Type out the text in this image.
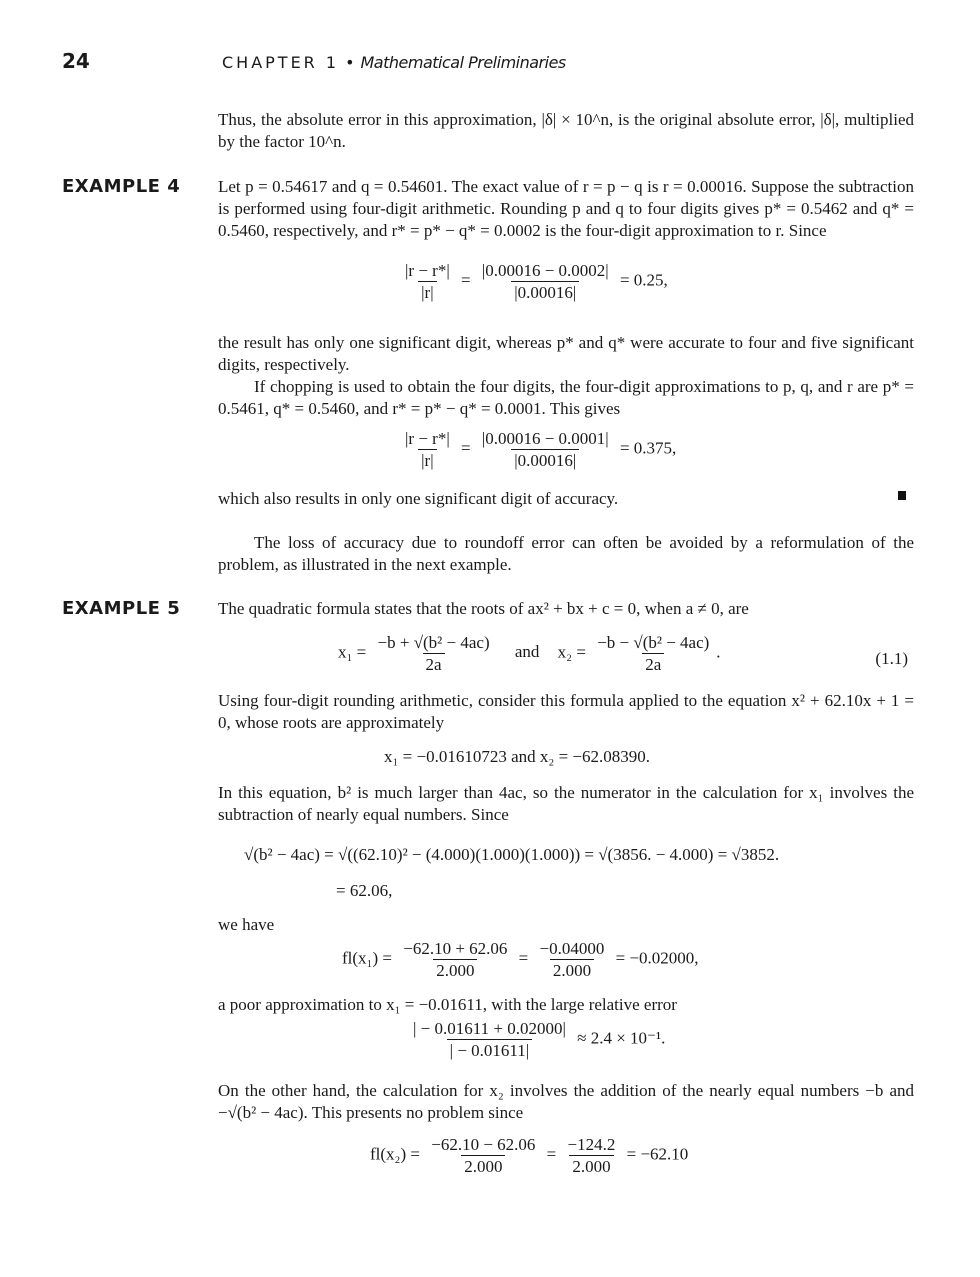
24	CHAPTER 1 • Mathematical Preliminaries
Thus, the absolute error in this approximation, |δ| × 10^n, is the original absolute error, |δ|, multiplied by the factor 10^n.
EXAMPLE 4 Let p = 0.54617 and q = 0.54601. The exact value of r = p − q is r = 0.00016. Suppose the subtraction is performed using four-digit arithmetic. Rounding p and q to four digits gives p* = 0.5462 and q* = 0.5460, respectively, and r* = p* − q* = 0.0002 is the four-digit approximation to r. Since
$\frac{|r - r*|}{|r|} = \frac{|0.00016 - 0.0002|}{|0.00016|} = 0.25$,
the result has only one significant digit, whereas p* and q* were accurate to four and five significant digits, respectively.
If chopping is used to obtain the four digits, the four-digit approximations to p, q, and r are p* = 0.5461, q* = 0.5460, and r* = p* − q* = 0.0001. This gives
$\frac{|r - r*|}{|r|} = \frac{|0.00016 - 0.0001|}{|0.00016|} = 0.375$,
which also results in only one significant digit of accuracy.
The loss of accuracy due to roundoff error can often be avoided by a reformulation of the problem, as illustrated in the next example.
EXAMPLE 5 The quadratic formula states that the roots of ax² + bx + c = 0, when a ≠ 0, are
$x_1 = \frac{\text{−b + √(b² − 4ac)}}{2a}$ and $x_2 = \frac{\text{−b − √(b² − 4ac)}}{2a}$ .	(1.1)
Using four-digit rounding arithmetic, consider this formula applied to the equation x² + 62.10x + 1 = 0, whose roots are approximately
x₁ = −0.01610723 and x₂ = −62.08390.
In this equation, b² is much larger than 4ac, so the numerator in the calculation for x₁ involves the subtraction of nearly equal numbers. Since
√(b² − 4ac) = √((62.10)² − (4.000)(1.000)(1.000)) = √(3856. − 4.000) = √3852.
= 62.06,
we have
$fl(x_1) = \frac{-62.10 + 62.06}{2.000} = \frac{-0.04000}{2.000} = -0.02000$,
a poor approximation to x₁ = −0.01611, with the large relative error
$\frac{| - 0.01611 + 0.02000|}{| - 0.01611|} \approx 2.4 \times 10^{-1}$.
On the other hand, the calculation for x₂ involves the addition of the nearly equal numbers −b and −√(b² − 4ac). This presents no problem since
$fl(x_2) = \frac{-62.10 - 62.06}{2.000} = \frac{-124.2}{2.000} = -62.10$
